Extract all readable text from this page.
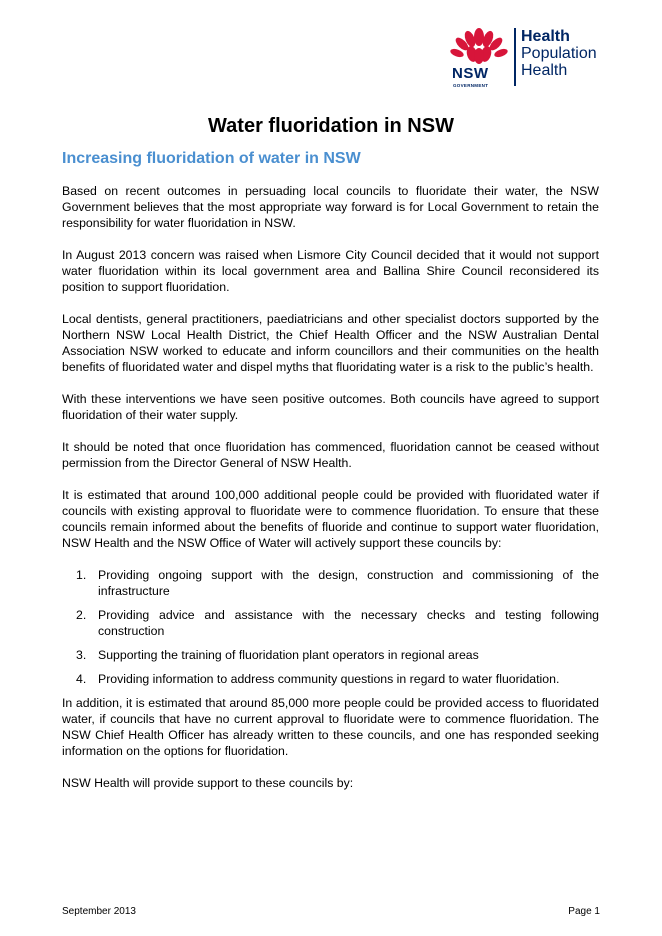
NSW
GOVERNMENT
Health
Population
Health
Water fluoridation in NSW
Increasing fluoridation of water in NSW

Based on recent outcomes in persuading local councils to fluoridate their water, the NSW Government believes that the most appropriate way forward is for Local Government to retain the responsibility for water fluoridation in NSW.

In August 2013 concern was raised when Lismore City Council decided that it would not support water fluoridation within its local government area and Ballina Shire Council reconsidered its position to support fluoridation.

Local dentists, general practitioners, paediatricians and other specialist doctors supported by the Northern NSW Local Health District, the Chief Health Officer and the NSW Australian Dental Association NSW worked to educate and inform councillors and their communities on the health benefits of fluoridated water and dispel myths that fluoridating water is a risk to the public’s health.

With these interventions we have seen positive outcomes. Both councils have agreed to support fluoridation of their water supply.

It should be noted that once fluoridation has commenced, fluoridation cannot be ceased without permission from the Director General of NSW Health.

It is estimated that around 100,000 additional people could be provided with fluoridated water if councils with existing approval to fluoridate were to commence fluoridation. To ensure that these councils remain informed about the benefits of fluoride and continue to support water fluoridation, NSW Health and the NSW Office of Water will actively support these councils by:

1. Providing ongoing support with the design, construction and commissioning of the infrastructure
2. Providing advice and assistance with the necessary checks and testing following construction
3. Supporting the training of fluoridation plant operators in regional areas
4. Providing information to address community questions in regard to water fluoridation.

In addition, it is estimated that around 85,000 more people could be provided access to fluoridated water, if councils that have no current approval to fluoridate were to commence fluoridation. The NSW Chief Health Officer has already written to these councils, and one has responded seeking information on the options for fluoridation.

NSW Health will provide support to these councils by:

September 2013	Page 1
